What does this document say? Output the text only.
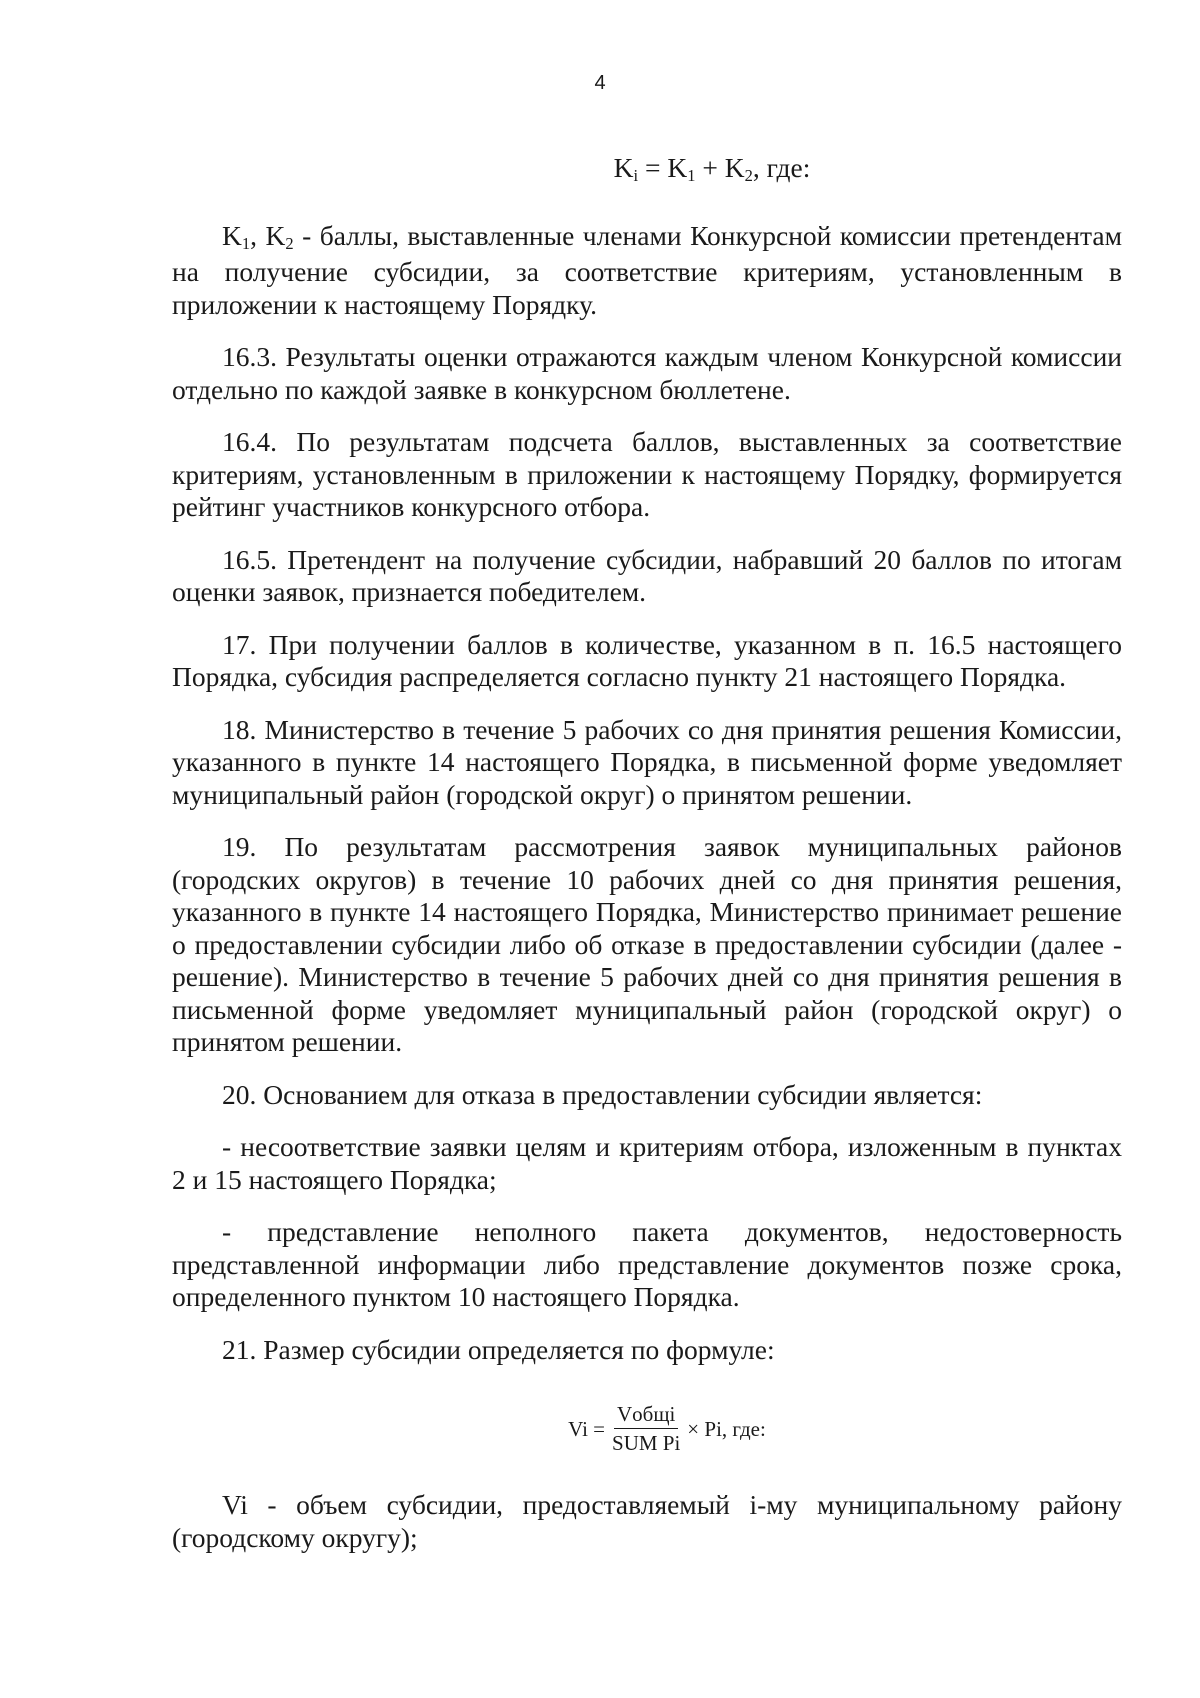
4
$K_i = K_1 + K_2$, где:

$K_1$, $K_2$ - баллы, выставленные членами Конкурсной комиссии претендентам на получение субсидии, за соответствие критериям, установленным в приложении к настоящему Порядку.

16.3. Результаты оценки отражаются каждым членом Конкурсной комиссии отдельно по каждой заявке в конкурсном бюллетене.

16.4. По результатам подсчета баллов, выставленных за соответствие критериям, установленным в приложении к настоящему Порядку, формируется рейтинг участников конкурсного отбора.

16.5. Претендент на получение субсидии, набравший 20 баллов по итогам оценки заявок, признается победителем.

17. При получении баллов в количестве, указанном в п. 16.5 настоящего Порядка, субсидия распределяется согласно пункту 21 настоящего Порядка.

18. Министерство в течение 5 рабочих со дня принятия решения Комиссии, указанного в пункте 14 настоящего Порядка, в письменной форме уведомляет муниципальный район (городской округ) о принятом решении.

19. По результатам рассмотрения заявок муниципальных районов (городских округов) в течение 10 рабочих дней со дня принятия решения, указанного в пункте 14 настоящего Порядка, Министерство принимает решение о предоставлении субсидии либо об отказе в предоставлении субсидии (далее - решение). Министерство в течение 5 рабочих дней со дня принятия решения в письменной форме уведомляет муниципальный район (городской округ) о принятом решении.

20. Основанием для отказа в предоставлении субсидии является:

- несоответствие заявки целям и критериям отбора, изложенным в пунктах 2 и 15 настоящего Порядка;

- представление неполного пакета документов, недостоверность представленной информации либо представление документов позже срока, определенного пунктом 10 настоящего Порядка.

21. Размер субсидии определяется по формуле:

$Vi = \frac{\text{Vобщі}}{\text{SUM Pi}} \times Pi$, где:

Vi - объем субсидии, предоставляемый i-му муниципальному району (городскому округу);
